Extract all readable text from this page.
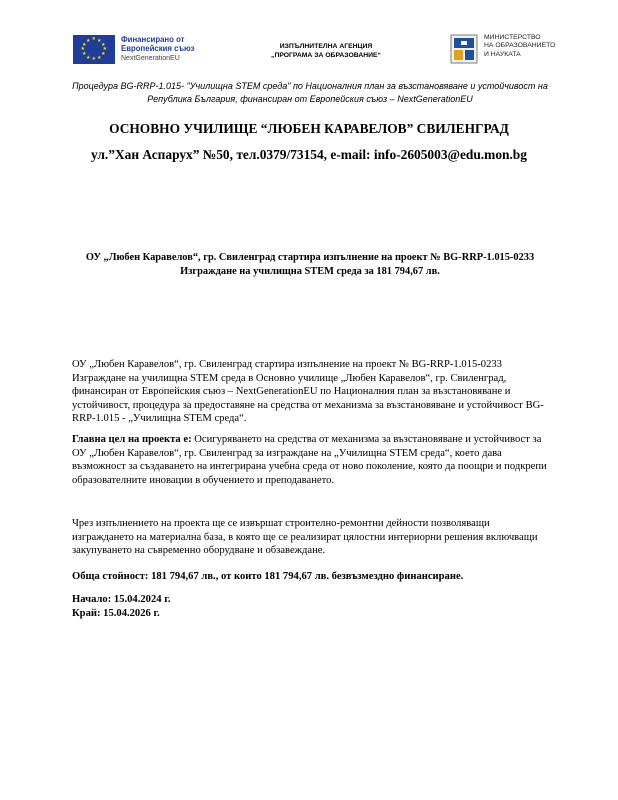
★ ★
★
★
★
★
★
★
★
★
★
★	Финансирано от
Европейския съюз
NextGenerationEU
ИЗПЪЛНИТЕЛНА АГЕНЦИЯ
„ПРОГРАМА ЗА ОБРАЗОВАНИЕ“
МИНИСТЕРСТВО
НА ОБРАЗОВАНИЕТО
И НАУКАТА
Процедура BG-RRP-1.015- "Училищна STEM среда" по Националния план за възстановяване и устойчивост на Република България, финансиран от Европейския съюз – NextGenerationEU
ОСНОВНО УЧИЛИЩЕ “ЛЮБЕН КАРАВЕЛОВ” СВИЛЕНГРАД
ул.”Хан Аспарух” №50, тел.0379/73154, e-mail: info-2605003@edu.mon.bg
ОУ „Любен Каравелов“, гр. Свиленград стартира изпълнение на проект № BG-RRP-1.015-0233 Изграждане на училищна STEM среда за 181 794,67 лв.
ОУ „Любен Каравелов“, гр. Свиленград стартира изпълнение на проект № BG-RRP-1.015-0233 Изграждане на училищна STEM среда в Основно училище „Любен Каравелов“, гр. Свиленград, финансиран от Европейския съюз – NextGenerationEU по Националния план за възстановяване и устойчивост, процедура за предоставяне на средства от механизма за възстановяване и устойчивост BG-RRP-1.015 - „Училищна STEM среда“.
Главна цел на проекта е: Осигуряването на средства от механизма за възстановяване и устойчивост за ОУ „Любен Каравелов“, гр. Свиленград за изграждане на „Училищна STEM среда“, което дава възможност за създаването на интегрирана учебна среда от ново поколение, която да поощри и подкрепи образователните иновации в обучението и преподаването.
Чрез изпълнението на проекта ще се извършат строително-ремонтни дейности позволяващи изграждането на материална база, в която ще се реализират цялостни интериорни решения включващи закупуването на съвременно оборудване и обзавеждане.
Обща стойност: 181 794,67 лв., от които 181 794,67 лв. безвъзмездно финансиране.
Начало: 15.04.2024 г.
Край: 15.04.2026 г.
